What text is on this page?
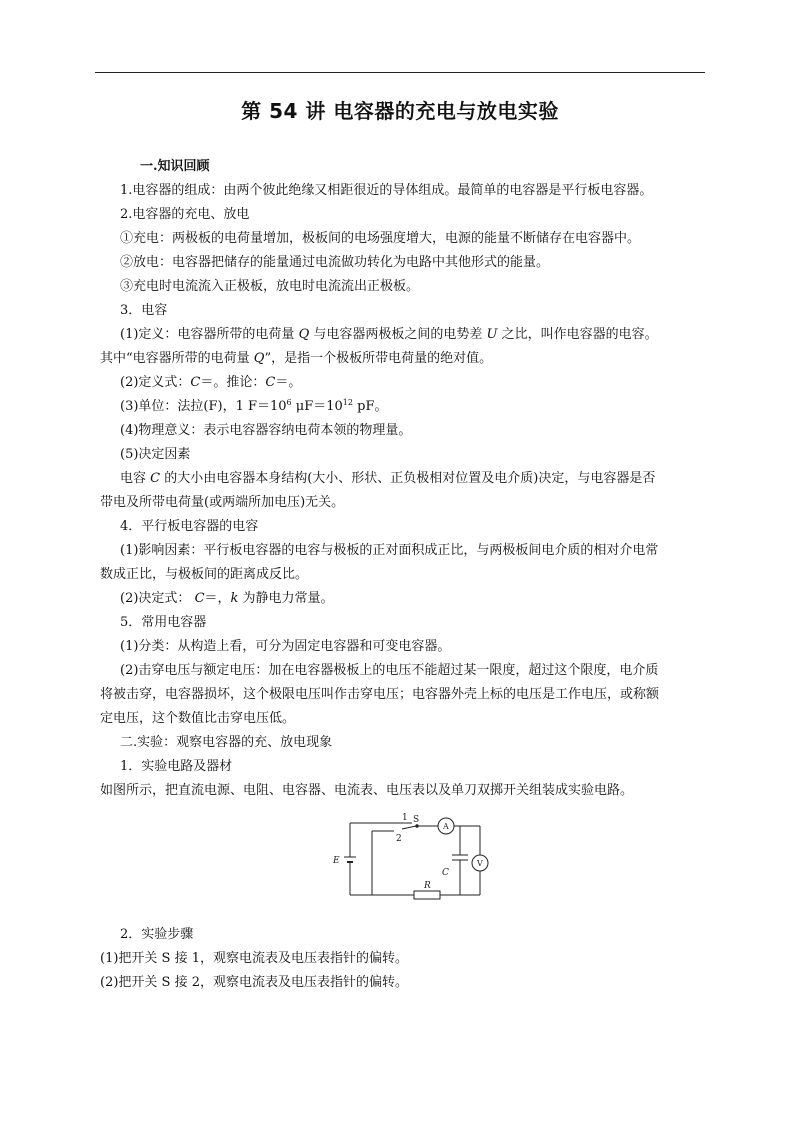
第 54 讲 电容器的充电与放电实验

一.知识回顾

1.电容器的组成：由两个彼此绝缘又相距很近的导体组成。最简单的电容器是平行板电容器。

2.电容器的充电、放电

①充电：两极板的电荷量增加，极板间的电场强度增大，电源的能量不断储存在电容器中。

②放电：电容器把储存的能量通过电流做功转化为电路中其他形式的能量。

③充电时电流流入正极板，放电时电流流出正极板。

3．电容

(1)定义：电容器所带的电荷量 Q 与电容器两极板之间的电势差 U 之比，叫作电容器的电容。

其中“电容器所带的电荷量 Q”，是指一个极板所带电荷量的绝对值。

(2)定义式：C＝。推论：C＝。

(3)单位：法拉(F)，1 $F=10^6$ $\mu F=10^{12}$ pF。

(4)物理意义：表示电容器容纳电荷本领的物理量。

(5)决定因素

电容 C 的大小由电容器本身结构(大小、形状、正负极相对位置及电介质)决定，与电容器是否

带电及所带电荷量(或两端所加电压)无关。

4．平行板电容器的电容

(1)影响因素：平行板电容器的电容与极板的正对面积成正比，与两极板间电介质的相对介电常

数成正比，与极板间的距离成反比。

(2)决定式： C＝，k 为静电力常量。

5．常用电容器

(1)分类：从构造上看，可分为固定电容器和可变电容器。

(2)击穿电压与额定电压：加在电容器极板上的电压不能超过某一限度，超过这个限度，电介质

将被击穿，电容器损坏，这个极限电压叫作击穿电压；电容器外壳上标的电压是工作电压，或称额

定电压，这个数值比击穿电压低。

二.实验：观察电容器的充、放电现象

1．实验电路及器材

如图所示，把直流电源、电阻、电容器、电流表、电压表以及单刀双掷开关组装成实验电路。

1 S
2
E
C
R
A
V

2．实验步骤

(1)把开关 S 接 1，观察电流表及电压表指针的偏转。

(2)把开关 S 接 2，观察电流表及电压表指针的偏转。
